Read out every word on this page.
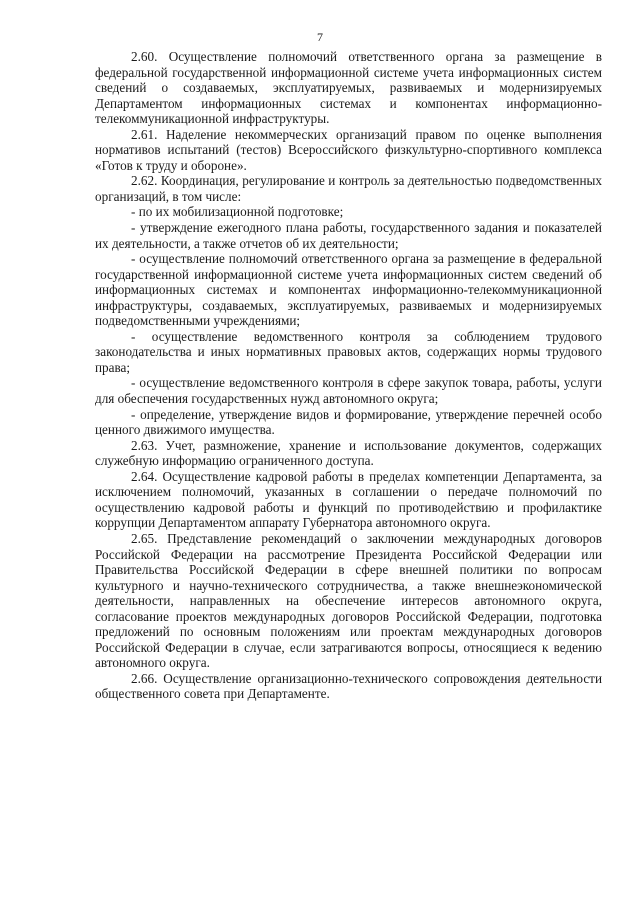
7

2.60. Осуществление полномочий ответственного органа за размещение в федеральной государственной информационной системе учета информационных систем сведений о создаваемых, эксплуатируемых, развиваемых и модернизируемых Департаментом информационных системах и компонентах информационно-телекоммуникационной инфраструктуры.

2.61. Наделение некоммерческих организаций правом по оценке выполнения нормативов испытаний (тестов) Всероссийского физкультурно-спортивного комплекса «Готов к труду и обороне».

2.62. Координация, регулирование и контроль за деятельностью подведомственных организаций, в том числе:

- по их мобилизационной подготовке;

- утверждение ежегодного плана работы, государственного задания и показателей их деятельности, а также отчетов об их деятельности;

- осуществление полномочий ответственного органа за размещение в федеральной государственной информационной системе учета информационных систем сведений об информационных системах и компонентах информационно-телекоммуникационной инфраструктуры, создаваемых, эксплуатируемых, развиваемых и модернизируемых подведомственными учреждениями;

- осуществление ведомственного контроля за соблюдением трудового законодательства и иных нормативных правовых актов, содержащих нормы трудового права;

- осуществление ведомственного контроля в сфере закупок товара, работы, услуги для обеспечения государственных нужд автономного округа;

- определение, утверждение видов и формирование, утверждение перечней особо ценного движимого имущества.

2.63. Учет, размножение, хранение и использование документов, содержащих служебную информацию ограниченного доступа.

2.64. Осуществление кадровой работы в пределах компетенции Департамента, за исключением полномочий, указанных в соглашении о передаче полномочий по осуществлению кадровой работы и функций по противодействию и профилактике коррупции Департаментом аппарату Губернатора автономного округа.

2.65. Представление рекомендаций о заключении международных договоров Российской Федерации на рассмотрение Президента Российской Федерации или Правительства Российской Федерации в сфере внешней политики по вопросам культурного и научно-технического сотрудничества, а также внешнеэкономической деятельности, направленных на обеспечение интересов автономного округа, согласование проектов международных договоров Российской Федерации, подготовка предложений по основным положениям или проектам международных договоров Российской Федерации в случае, если затрагиваются вопросы, относящиеся к ведению автономного округа.

2.66. Осуществление организационно-технического сопровождения деятельности общественного совета при Департаменте.
